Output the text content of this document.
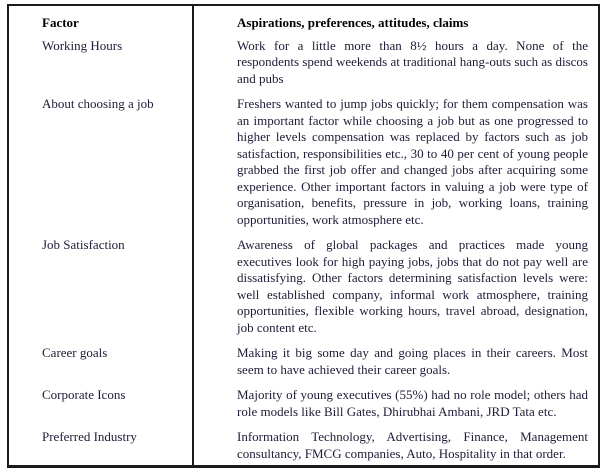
Factor	Aspirations, preferences, attitudes, claims
Working Hours	Work for a little more than 8½ hours a day. None of the respondents spend weekends at traditional hang-outs such as discos and pubs
About choosing a job	Freshers wanted to jump jobs quickly; for them compensation was an important factor while choosing a job but as one progressed to higher levels compensation was replaced by factors such as job satisfaction, responsibilities etc., 30 to 40 per cent of young people grabbed the first job offer and changed jobs after acquiring some experience. Other important factors in valuing a job were type of organisation, benefits, pressure in job, working loans, training opportunities, work atmosphere etc.
Job Satisfaction	Awareness of global packages and practices made young executives look for high paying jobs, jobs that do not pay well are dissatisfying. Other factors determining satisfaction levels were: well established company, informal work atmosphere, training opportunities, flexible working hours, travel abroad, designation, job content etc.
Career goals	Making it big some day and going places in their careers. Most seem to have achieved their career goals.
Corporate Icons	Majority of young executives (55%) had no role model; others had role models like Bill Gates, Dhirubhai Ambani, JRD Tata etc.
Preferred Industry	Information Technology, Advertising, Finance, Management consultancy, FMCG companies, Auto, Hospitality in that order.
